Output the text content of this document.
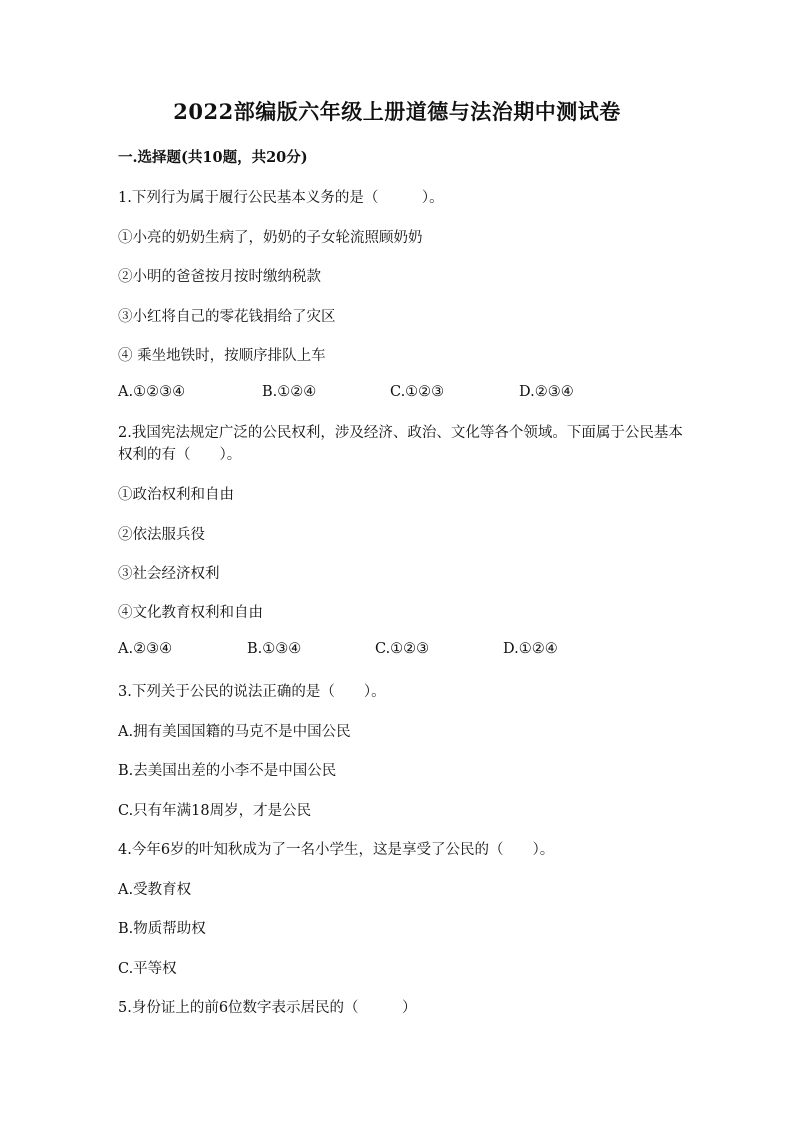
2022部编版六年级上册道德与法治期中测试卷
一.选择题(共10题，共20分)
1.下列行为属于履行公民基本义务的是（　　　）。
①小亮的奶奶生病了，奶奶的子女轮流照顾奶奶
②小明的爸爸按月按时缴纳税款
③小红将自己的零花钱捐给了灾区
④ 乘坐地铁时，按顺序排队上车
A.①②③④	B.①②④	C.①②③	D.②③④
2.我国宪法规定广泛的公民权利，涉及经济、政治、文化等各个领域。下面属于公民基本权利的有（　　）。
①政治权利和自由
②依法服兵役
③社会经济权利
④文化教育权利和自由
A.②③④	B.①③④	C.①②③	D.①②④
3.下列关于公民的说法正确的是（　　）。
A.拥有美国国籍的马克不是中国公民
B.去美国出差的小李不是中国公民
C.只有年满18周岁，才是公民
4.今年6岁的叶知秋成为了一名小学生，这是享受了公民的（　　）。
A.受教育权
B.物质帮助权
C.平等权
5.身份证上的前6位数字表示居民的（　　　）
